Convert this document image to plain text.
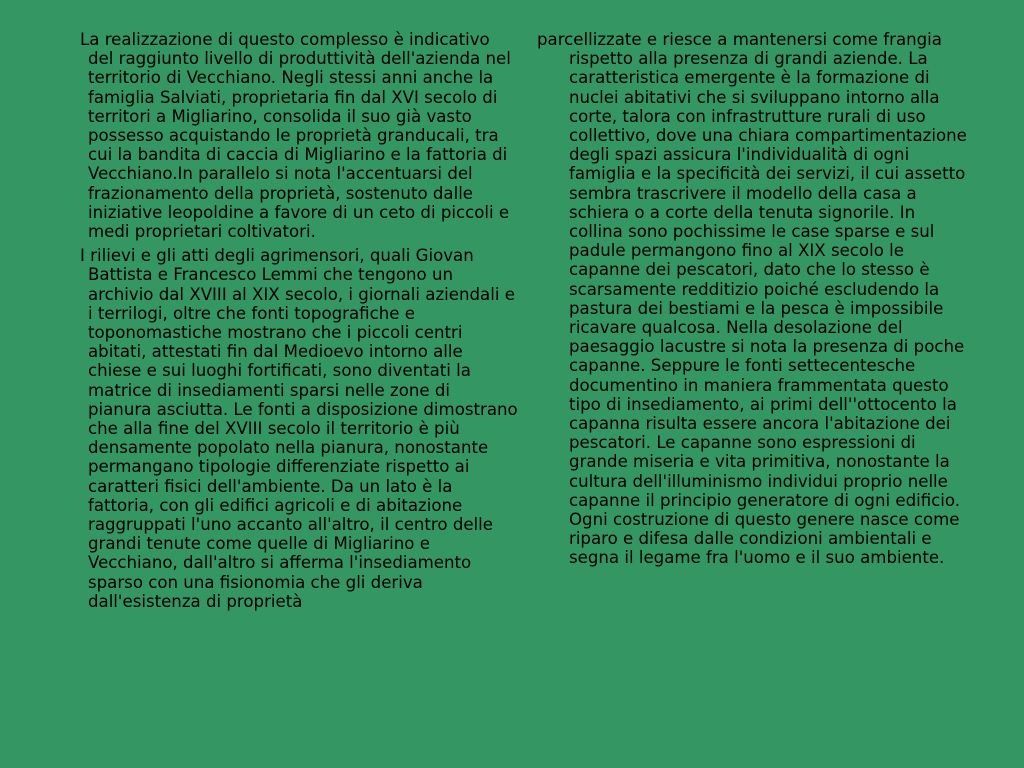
La realizzazione di questo complesso è indicativo del raggiunto livello di produttività dell'azienda nel territorio di Vecchiano. Negli stessi anni anche la famiglia Salviati, proprietaria fin dal XVI secolo di territori a Migliarino, consolida il suo già vasto possesso acquistando le proprietà granducali, tra cui la bandita di caccia di Migliarino e la fattoria di Vecchiano.In parallelo si nota l'accentuarsi del frazionamento della proprietà, sostenuto dalle iniziative leopoldine a favore di un ceto di piccoli e medi proprietari coltivatori.

I rilievi e gli atti degli agrimensori, quali Giovan Battista e Francesco Lemmi che tengono un archivio dal XVIII al XIX secolo, i giornali aziendali e i terrilogi, oltre che fonti topografiche e toponomastiche mostrano che i piccoli centri abitati, attestati fin dal Medioevo intorno alle chiese e sui luoghi fortificati, sono diventati la matrice di insediamenti sparsi nelle zone di pianura asciutta. Le fonti a disposizione dimostrano che alla fine del XVIII secolo il territorio è più densamente popolato nella pianura, nonostante permangano tipologie differenziate rispetto ai caratteri fisici dell'ambiente. Da un lato è la fattoria, con gli edifici agricoli e di abitazione raggruppati l'uno accanto all'altro, il centro delle grandi tenute come quelle di Migliarino e Vecchiano, dall'altro si afferma l'insediamento sparso con una fisionomia che gli deriva dall'esistenza di proprietà

parcellizzate e riesce a mantenersi come frangia rispetto alla presenza di grandi aziende. La caratteristica emergente è la formazione di nuclei abitativi che si sviluppano intorno alla corte, talora con infrastrutture rurali di uso collettivo, dove una chiara compartimentazione degli spazi assicura l'individualità di ogni famiglia e la specificità dei servizi, il cui assetto sembra trascrivere il modello della casa a schiera o a corte della tenuta signorile. In collina sono pochissime le case sparse e sul padule permangono fino al XIX secolo le capanne dei pescatori, dato che lo stesso è scarsamente redditizio poiché escludendo la pastura dei bestiami e la pesca è impossibile ricavare qualcosa. Nella desolazione del paesaggio lacustre si nota la presenza di poche capanne. Seppure le fonti settecentesche documentino in maniera frammentata questo tipo di insediamento, ai primi dell''ottocento la capanna risulta essere ancora l'abitazione dei pescatori. Le capanne sono espressioni di grande miseria e vita primitiva, nonostante la cultura dell'illuminismo individui proprio nelle capanne il principio generatore di ogni edificio. Ogni costruzione di questo genere nasce come riparo e difesa dalle condizioni ambientali e segna il legame fra l'uomo e il suo ambiente.
